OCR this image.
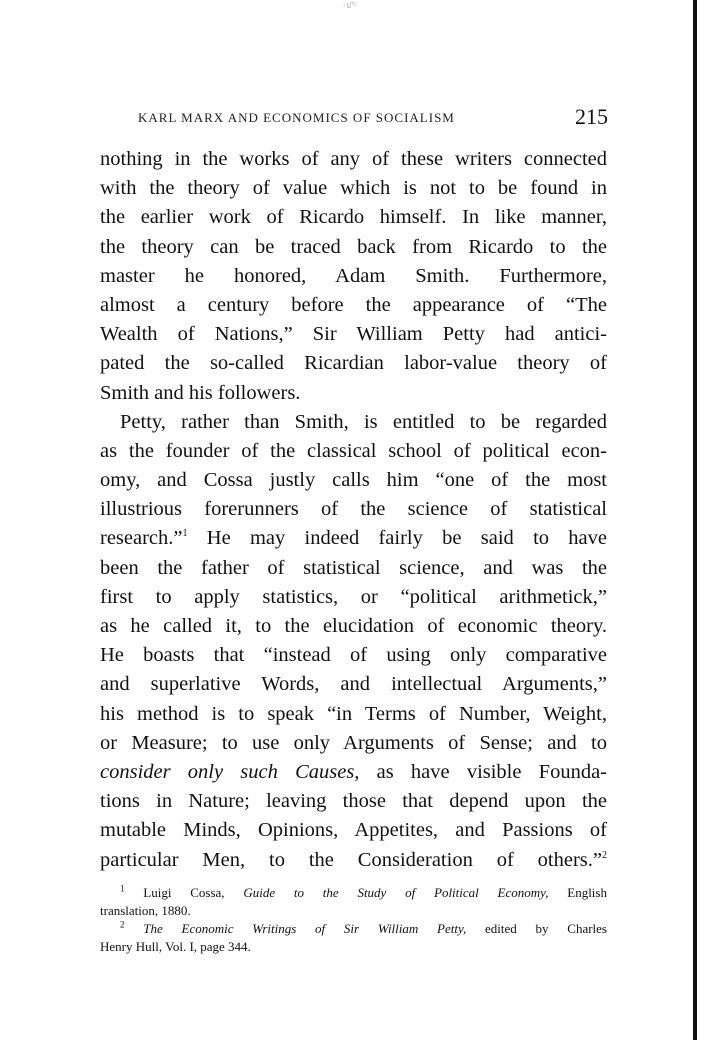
·ᴜ̈ᴳ
KARL MARX AND ECONOMICS OF SOCIALISM	215
nothing in the works of any of these writers connected
with the theory of value which is not to be found in
the earlier work of Ricardo himself. In like manner,
the theory can be traced back from Ricardo to the
master he honored, Adam Smith. Furthermore,
almost a century before the appearance of “The
Wealth of Nations,” Sir William Petty had antici-
pated the so-called Ricardian labor-value theory of
Smith and his followers.
Petty, rather than Smith, is entitled to be regarded
as the founder of the classical school of political econ-
omy, and Cossa justly calls him “one of the most
illustrious forerunners of the science of statistical
research.”$^1$ He may indeed fairly be said to have
been the father of statistical science, and was the
first to apply statistics, or “political arithmetick,”
as he called it, to the elucidation of economic theory.
He boasts that “instead of using only comparative
and superlative Words, and intellectual Arguments,”
his method is to speak “in Terms of Number, Weight,
or Measure; to use only Arguments of Sense; and to
consider only such Causes, as have visible Founda-
tions in Nature; leaving those that depend upon the
mutable Minds, Opinions, Appetites, and Passions of
particular Men, to the Consideration of others.”$^2$
$^1$ Luigi Cossa, Guide to the Study of Political Economy, English
translation, 1880.
$^2$ The Economic Writings of Sir William Petty, edited by Charles
Henry Hull, Vol. I, page 344.
